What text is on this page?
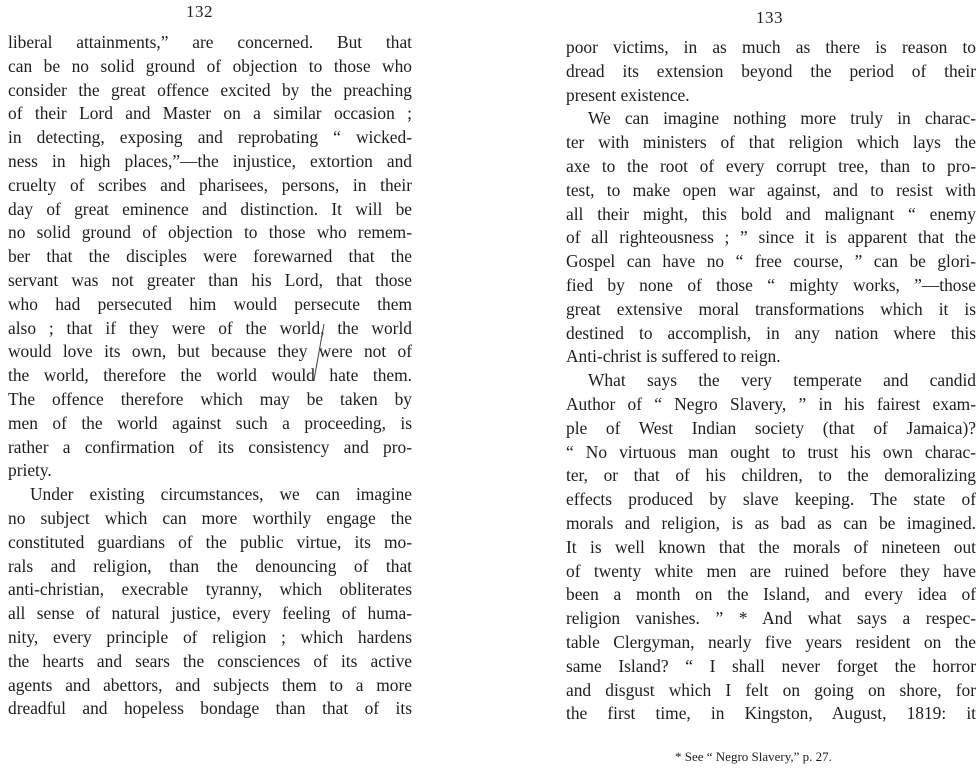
132
liberal attainments,” are concerned. But that
can be no solid ground of objection to those who
consider the great offence excited by the preaching
of their Lord and Master on a similar occasion ;
in detecting, exposing and reprobating “ wicked-
ness in high places,”—the injustice, extortion and
cruelty of scribes and pharisees, persons, in their
day of great eminence and distinction. It will be
no solid ground of objection to those who remem-
ber that the disciples were forewarned that the
servant was not greater than his Lord, that those
who had persecuted him would persecute them
also ; that if they were of the world, the world
would love its own, but because they were not of
the world, therefore the world would hate them.
The offence therefore which may be taken by
men of the world against such a proceeding, is
rather a confirmation of its consistency and pro-
priety.
Under existing circumstances, we can imagine
no subject which can more worthily engage the
constituted guardians of the public virtue, its mo-
rals and religion, than the denouncing of that
anti-christian, execrable tyranny, which obliterates
all sense of natural justice, every feeling of huma-
nity, every principle of religion ; which hardens
the hearts and sears the consciences of its active
agents and abettors, and subjects them to a more
dreadful and hopeless bondage than that of its
133
poor victims, in as much as there is reason to
dread its extension beyond the period of their
present existence.
We can imagine nothing more truly in charac-
ter with ministers of that religion which lays the
axe to the root of every corrupt tree, than to pro-
test, to make open war against, and to resist with
all their might, this bold and malignant “ enemy
of all righteousness ; ” since it is apparent that the
Gospel can have no “ free course, ” can be glori-
fied by none of those “ mighty works, ”—those
great extensive moral transformations which it is
destined to accomplish, in any nation where this
Anti-christ is suffered to reign.
What says the very temperate and candid
Author of “ Negro Slavery, ” in his fairest exam-
ple of West Indian society (that of Jamaica)?
“ No virtuous man ought to trust his own charac-
ter, or that of his children, to the demoralizing
effects produced by slave keeping. The state of
morals and religion, is as bad as can be imagined.
It is well known that the morals of nineteen out
of twenty white men are ruined before they have
been a month on the Island, and every idea of
religion vanishes. ” * And what says a respec-
table Clergyman, nearly five years resident on the
same Island? “ I shall never forget the horror
and disgust which I felt on going on shore, for
the first time, in Kingston, August, 1819: it
* See “ Negro Slavery,” p. 27.
